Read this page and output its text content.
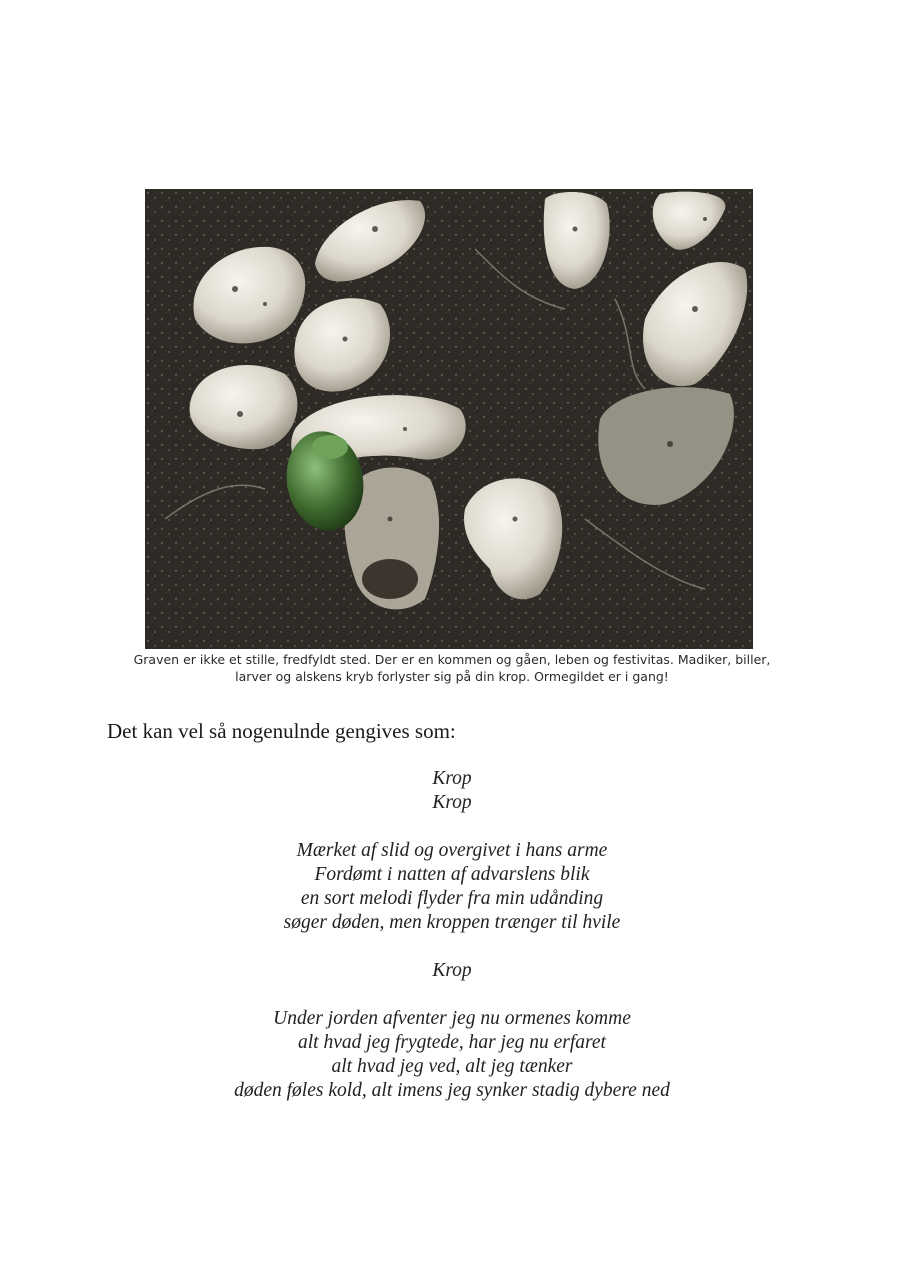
Graven er ikke et stille, fredfyldt sted. Der er en kommen og gåen, leben og festivitas. Madiker, biller,
larver og alskens kryb forlyster sig på din krop. Ormegildet er i gang!
Det kan vel så nogenulnde gengives som:
Krop
Krop
Mærket af slid og overgivet i hans arme
Fordømt i natten af advarslens blik
en sort melodi flyder fra min udånding
søger døden, men kroppen trænger til hvile
Krop
Under jorden afventer jeg nu ormenes komme
alt hvad jeg frygtede, har jeg nu erfaret
alt hvad jeg ved, alt jeg tænker
døden føles kold, alt imens jeg synker stadig dybere ned
